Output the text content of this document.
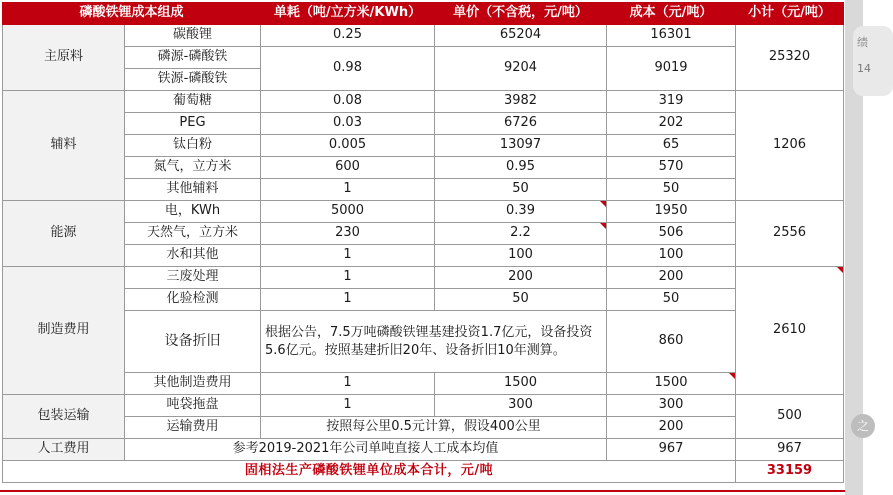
磷酸铁锂成本组成		单耗（吨/立方米/KWh）	单价（不含税，元/吨）	成本（元/吨）	小计（元/吨）
主原料	碳酸锂	0.25	65204	16301	25320
	磷源-磷酸铁	0.98	9204	9019	
	铁源-磷酸铁				
辅料	葡萄糖	0.08	3982	319	1206
	PEG	0.03	6726	202	
	钛白粉	0.005	13097	65	
	氮气，立方米	600	0.95	570	
	其他辅料	1	50	50	
能源	电，KWh	5000	0.39	1950	2556
	天然气，立方米	230	2.2	506	
	水和其他	1	100	100	
制造费用	三废处理	1	200	200	2610
	化验检测	1	50	50	
	设备折旧	根据公告，7.5万吨磷酸铁锂基建投资1.7亿元，设备投资5.6亿元。按照基建折旧20年、设备折旧10年测算。		860	
	其他制造费用	1	1500	1500	
包装运输	吨袋拖盘	1	300	300	500
	运输费用	按照每公里0.5元计算，假设400公里		200	
人工费用	参考2019-2021年公司单吨直接人工成本均值			967	967
固相法生产磷酸铁锂单位成本合计，元/吨					33159
绩
14
之
